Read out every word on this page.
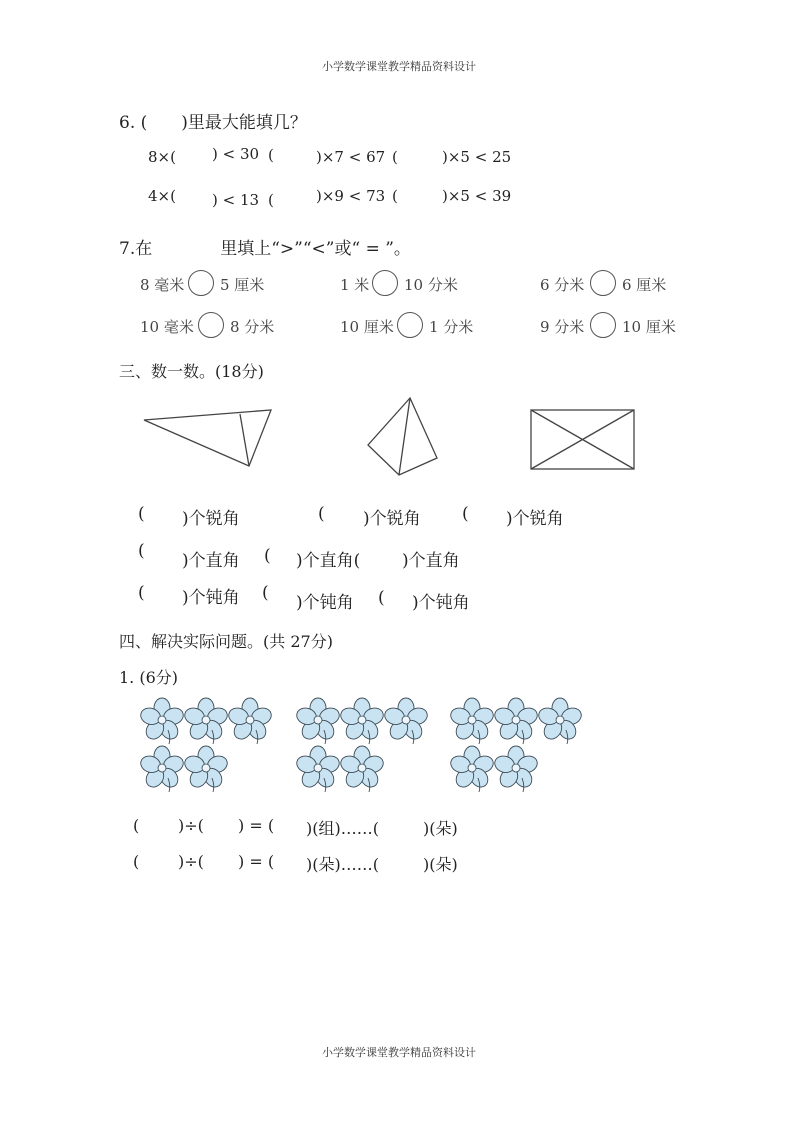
小学数学课堂教学精品资料设计
6. (　　)里最大能填几？
8×( ) < 30 (	)×7 < 67 (	)×5 < 25
4×( ) < 13 (	)×9 < 73 (	)×5 < 39
7.在　　　　里填上“>”“<”或“ = ”。
8 毫米 5 厘米	1 米 10 分米	6 分米	6 厘米
10 毫米 8 分米	10 厘米 1 分米	9 分米	10 厘米
三、数一数。(18分)
( )个锐角	( )个锐角 ( )个锐角
( )个直角 ( )个直角( )个直角
( )个钝角 ( )个钝角 ( )个钝角
四、解决实际问题。(共 27分)
1. (6分)
( )÷( ) = ( )(组)……(	)(朵)
( )÷( ) = ( )(朵)……(	)(朵)
小学数学课堂教学精品资料设计
